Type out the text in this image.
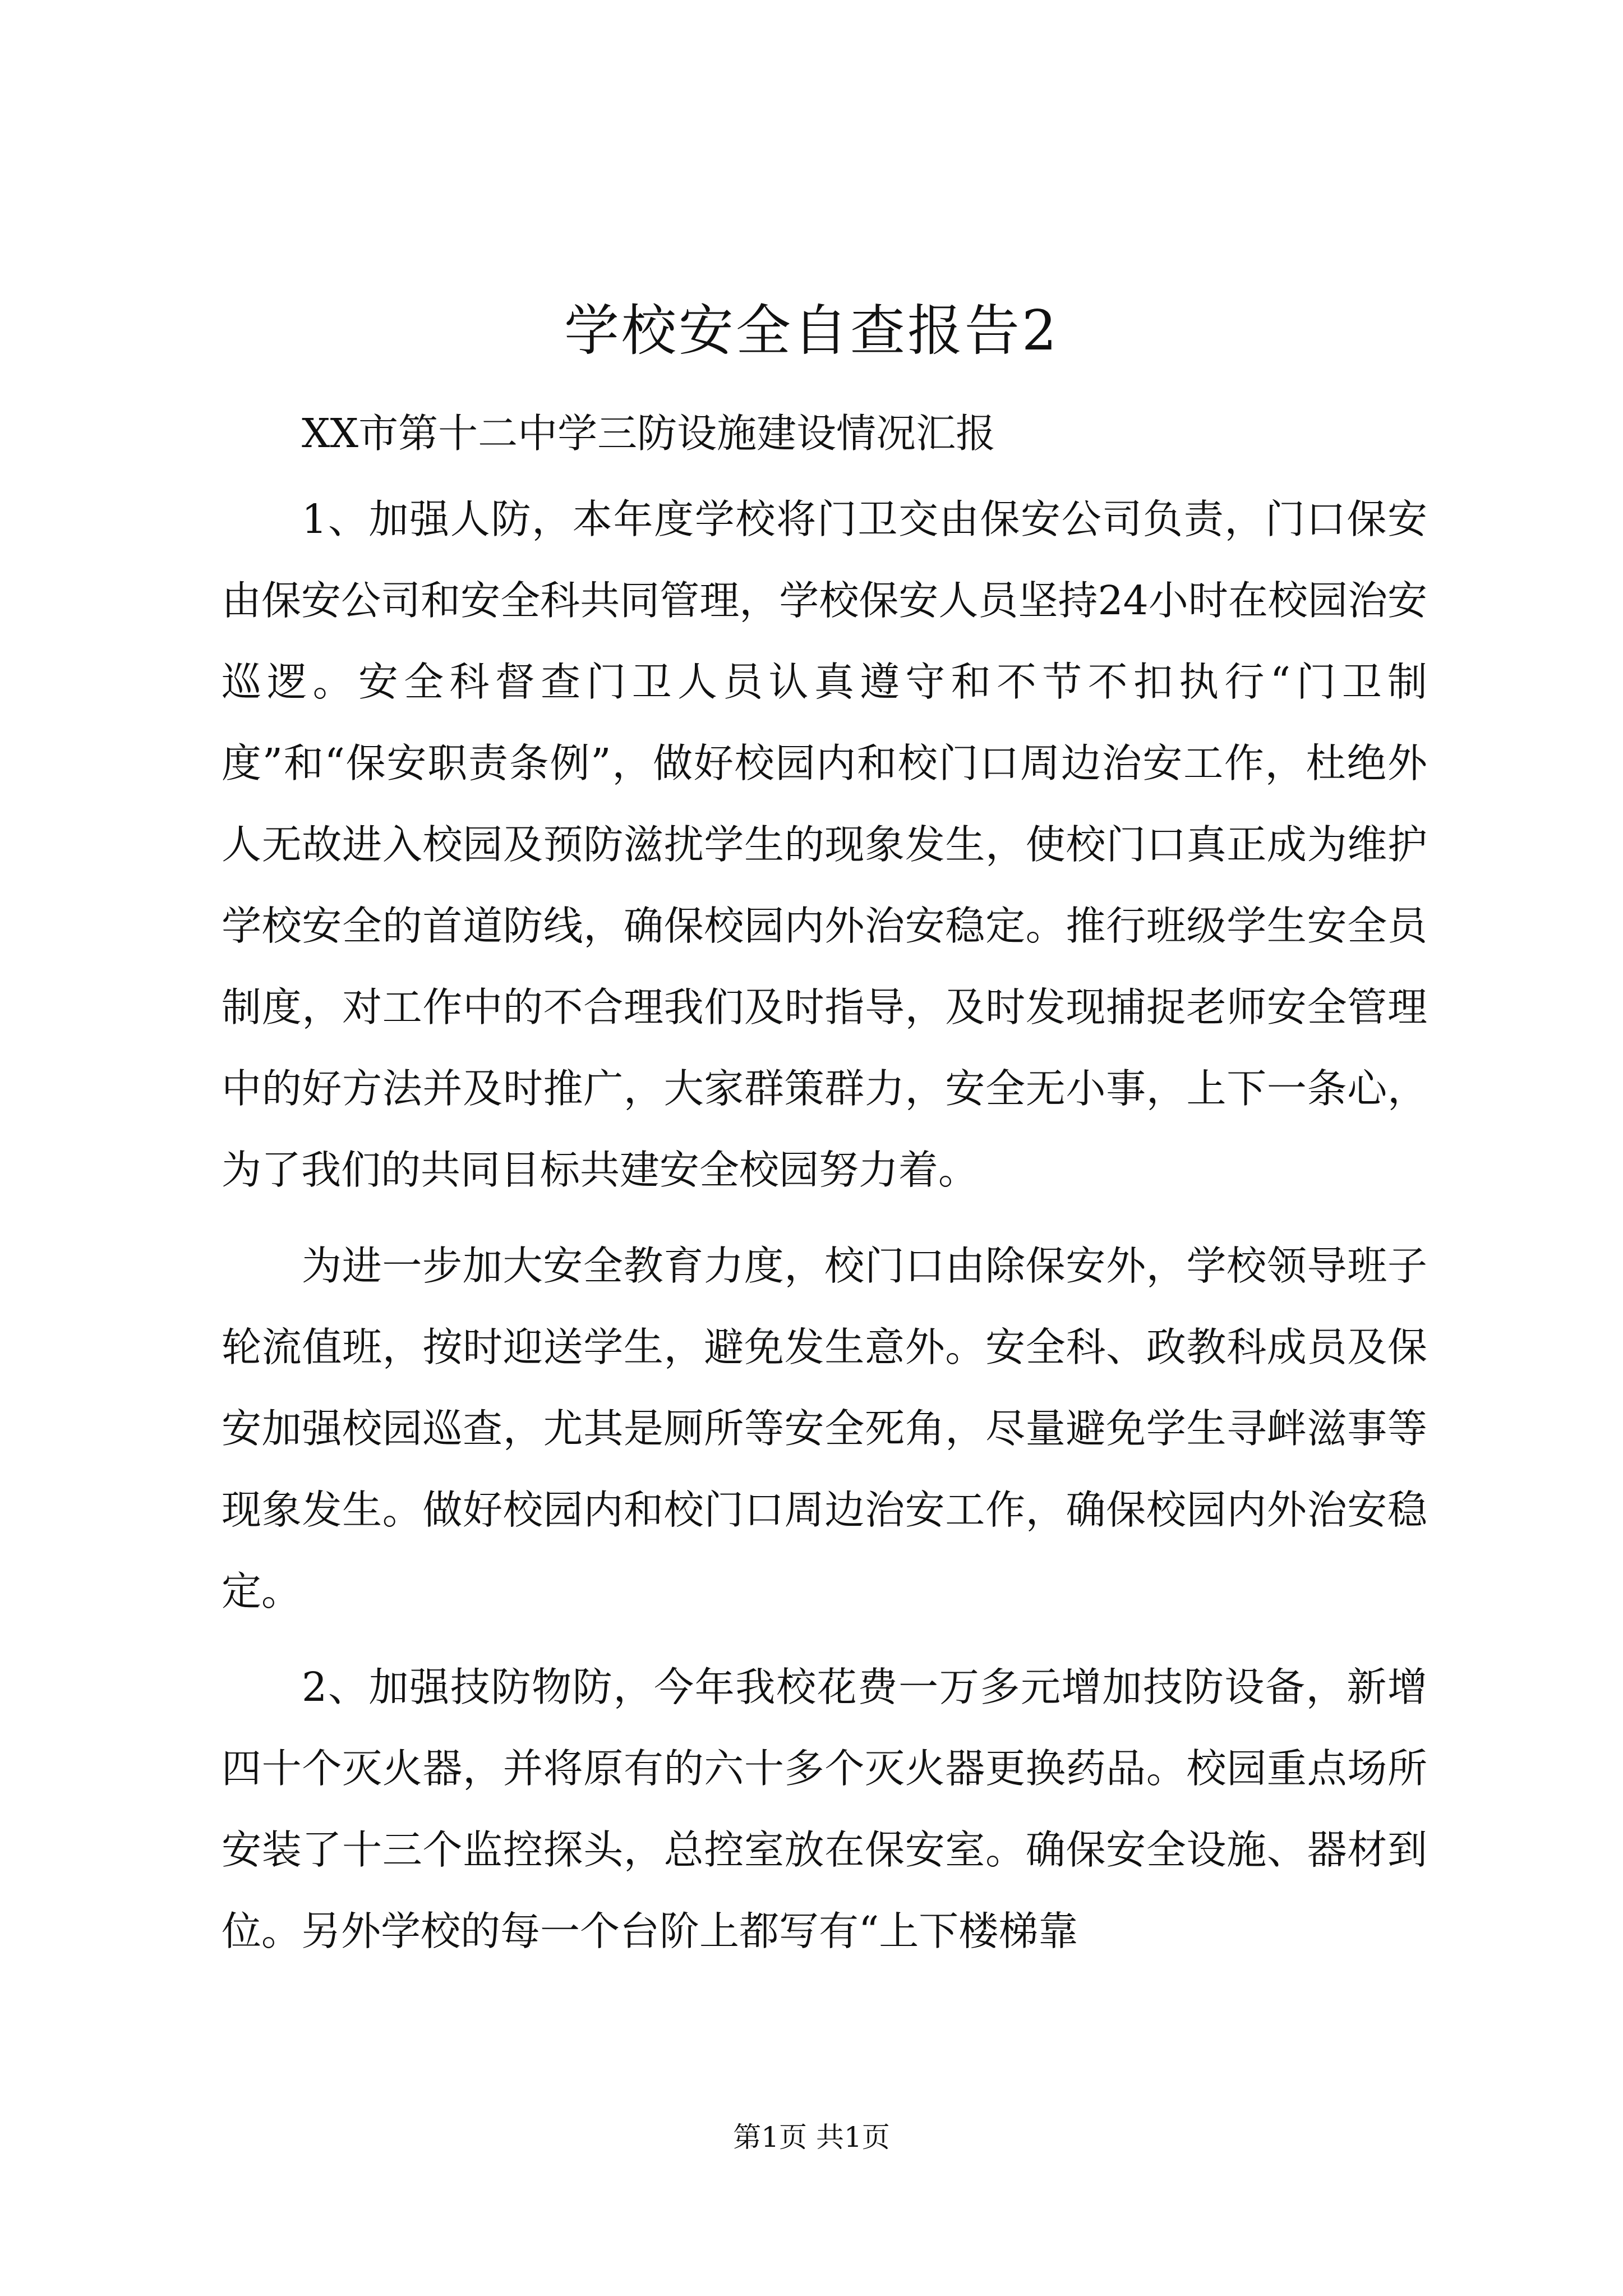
学校安全自查报告2

XX市第十二中学三防设施建设情况汇报

1、加强人防，本年度学校将门卫交由保安公司负责，门口保安由保安公司和安全科共同管理，学校保安人员坚持24小时在校园治安巡逻。安全科督查门卫人员认真遵守和不节不扣执行“门卫制度”和“保安职责条例”，做好校园内和校门口周边治安工作，杜绝外人无故进入校园及预防滋扰学生的现象发生，使校门口真正成为维护学校安全的首道防线，确保校园内外治安稳定。推行班级学生安全员制度，对工作中的不合理我们及时指导，及时发现捕捉老师安全管理中的好方法并及时推广，大家群策群力，安全无小事，上下一条心，为了我们的共同目标共建安全校园努力着。

为进一步加大安全教育力度，校门口由除保安外，学校领导班子轮流值班，按时迎送学生，避免发生意外。安全科、政教科成员及保安加强校园巡查，尤其是厕所等安全死角，尽量避免学生寻衅滋事等现象发生。做好校园内和校门口周边治安工作，确保校园内外治安稳定。

2、加强技防物防，今年我校花费一万多元增加技防设备，新增四十个灭火器，并将原有的六十多个灭火器更换药品。校园重点场所安装了十三个监控探头，总控室放在保安室。确保安全设施、器材到位。另外学校的每一个台阶上都写有“上下楼梯靠

第1页 共1页
